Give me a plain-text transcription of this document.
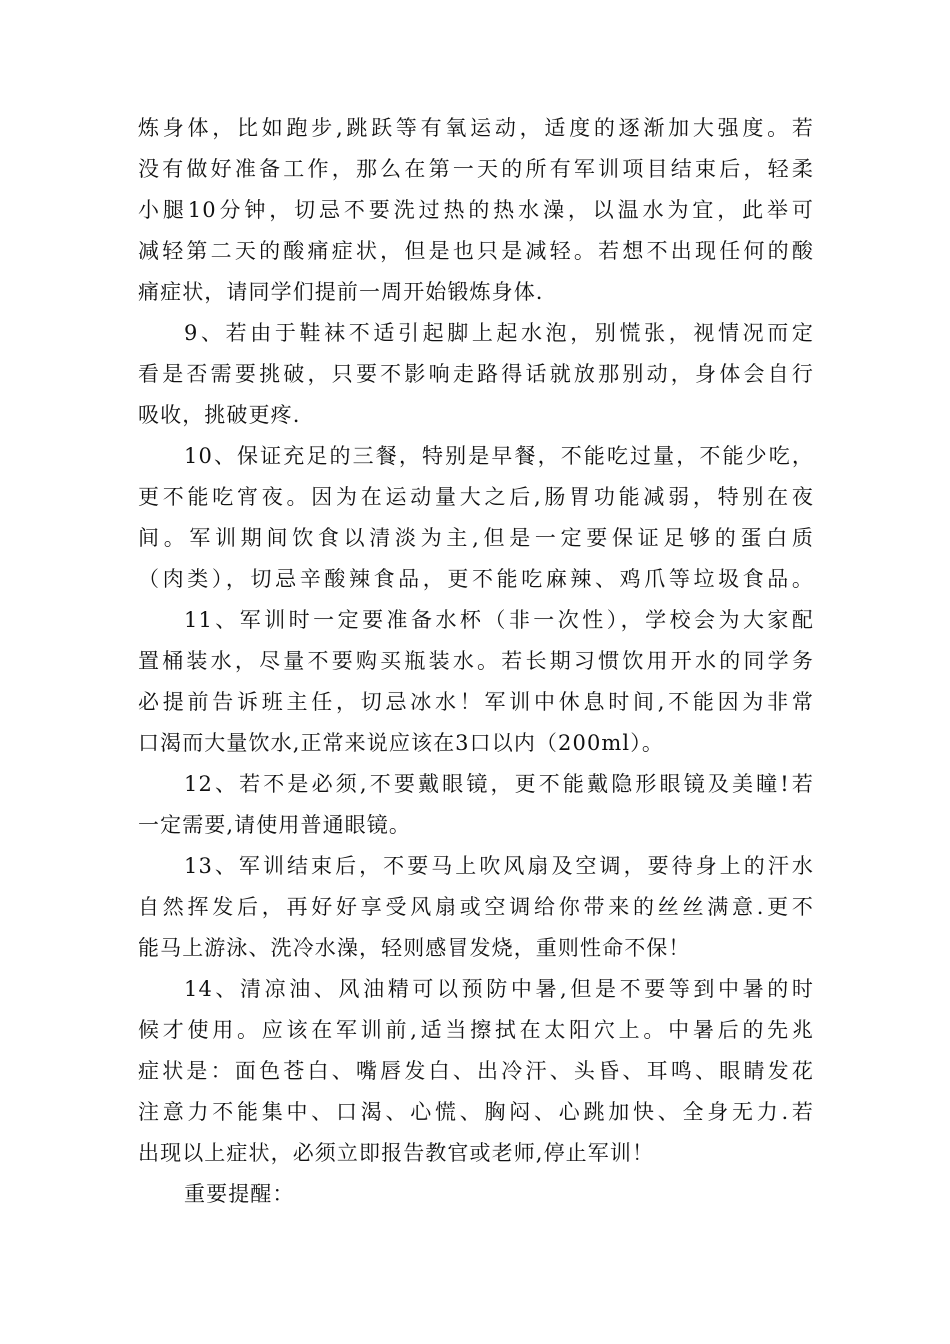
炼身体，比如跑步,跳跃等有氧运动，适度的逐渐加大强度。若
没有做好准备工作，那么在第一天的所有军训项目结束后，轻柔
小腿10分钟，切忌不要洗过热的热水澡，以温水为宜，此举可
减轻第二天的酸痛症状，但是也只是减轻。若想不出现任何的酸
痛症状，请同学们提前一周开始锻炼身体.
9、若由于鞋袜不适引起脚上起水泡，别慌张，视情况而定
看是否需要挑破，只要不影响走路得话就放那别动，身体会自行
吸收，挑破更疼.
10、保证充足的三餐，特别是早餐，不能吃过量，不能少吃，
更不能吃宵夜。因为在运动量大之后,肠胃功能减弱，特别在夜
间。军训期间饮食以清淡为主,但是一定要保证足够的蛋白质
（肉类），切忌辛酸辣食品，更不能吃麻辣、鸡爪等垃圾食品。
11、军训时一定要准备水杯（非一次性），学校会为大家配
置桶装水，尽量不要购买瓶装水。若长期习惯饮用开水的同学务
必提前告诉班主任，切忌冰水！军训中休息时间,不能因为非常
口渴而大量饮水,正常来说应该在3口以内（200ml）。
12、若不是必须,不要戴眼镜，更不能戴隐形眼镜及美瞳!若
一定需要,请使用普通眼镜。
13、军训结束后，不要马上吹风扇及空调，要待身上的汗水
自然挥发后，再好好享受风扇或空调给你带来的丝丝满意.更不
能马上游泳、洗冷水澡，轻则感冒发烧，重则性命不保！
14、清凉油、风油精可以预防中暑,但是不要等到中暑的时
候才使用。应该在军训前,适当擦拭在太阳穴上。中暑后的先兆
症状是：面色苍白、嘴唇发白、出冷汗、头昏、耳鸣、眼睛发花
注意力不能集中、口渴、心慌、胸闷、心跳加快、全身无力.若
出现以上症状，必须立即报告教官或老师,停止军训！
重要提醒：
